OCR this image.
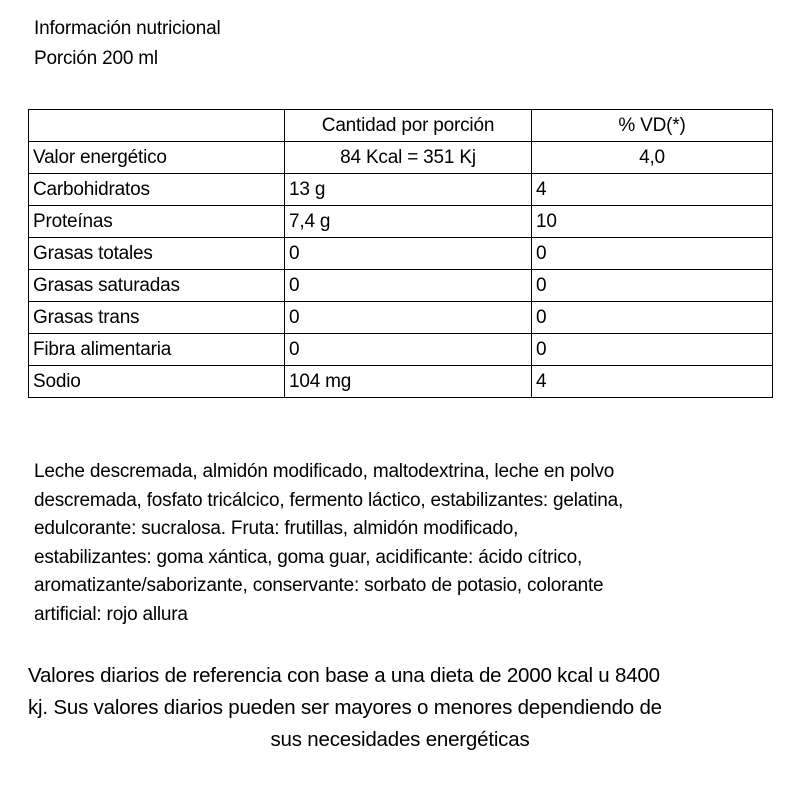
Información nutricional
Porción 200 ml
	Cantidad por porción	% VD(*)
Valor energético	84 Kcal = 351 Kj	4,0
Carbohidratos	13 g	4
Proteínas	7,4 g	10
Grasas totales	0	0
Grasas saturadas	0	0
Grasas trans	0	0
Fibra alimentaria	0	0
Sodio	104 mg	4
Leche descremada, almidón modificado, maltodextrina, leche en polvo
descremada, fosfato tricálcico, fermento láctico, estabilizantes: gelatina,
edulcorante: sucralosa. Fruta: frutillas, almidón modificado,
estabilizantes: goma xántica, goma guar, acidificante: ácido cítrico,
aromatizante/saborizante, conservante: sorbato de potasio, colorante
artificial: rojo allura
Valores diarios de referencia con base a una dieta de 2000 kcal u 8400
kj. Sus valores diarios pueden ser mayores o menores dependiendo de
sus necesidades energéticas
